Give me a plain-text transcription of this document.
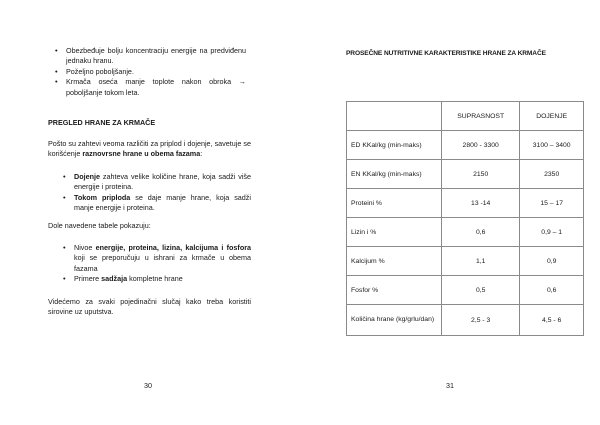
• Obezbeđuje bolju koncentraciju energije na predviđenu jednaku hranu.
• Poželjno poboljšanje.
• Krmača oseća manje toplote nakon obroka → poboljšanje tokom leta.
PREGLED HRANE ZA KRMAČE

Pošto su zahtevi veoma različiti za priplod i dojenje, savetuje se korišćenje raznovrsne hrane u obema fazama:

• Dojenje zahteva velike količine hrane, koja sadži više energije i proteina.
• Tokom priploda se daje manje hrane, koja sadži manje energije i proteina.

Dole navedene tabele pokazuju:

• Nivoe energije, proteina, lizina, kalcijuma i fosfora koji se preporučuju u ishrani za krmače u obema fazama
• Primere sadžaja kompletne hrane

Videćemo za svaki pojedinačni slučaj kako treba koristiti sirovine uz uputstva.

30
PROSEČNE NUTRITIVNE KARAKTERISTIKE HRANE ZA KRMAČE
	SUPRASNOST	DOJENJE
ED KKal/kg (min-maks)	2800 - 3300	3100 – 3400
EN KKal/kg (min-maks)	2150	2350
Proteini %	13 -14	15 – 17
Lizin i %	0,6	0,9 – 1
Kalcijum %	1,1	0,9
Fosfor %	0,5	0,6
Količina hrane (kg/grlu/dan)	2,5 - 3	4,5 - 6
31
